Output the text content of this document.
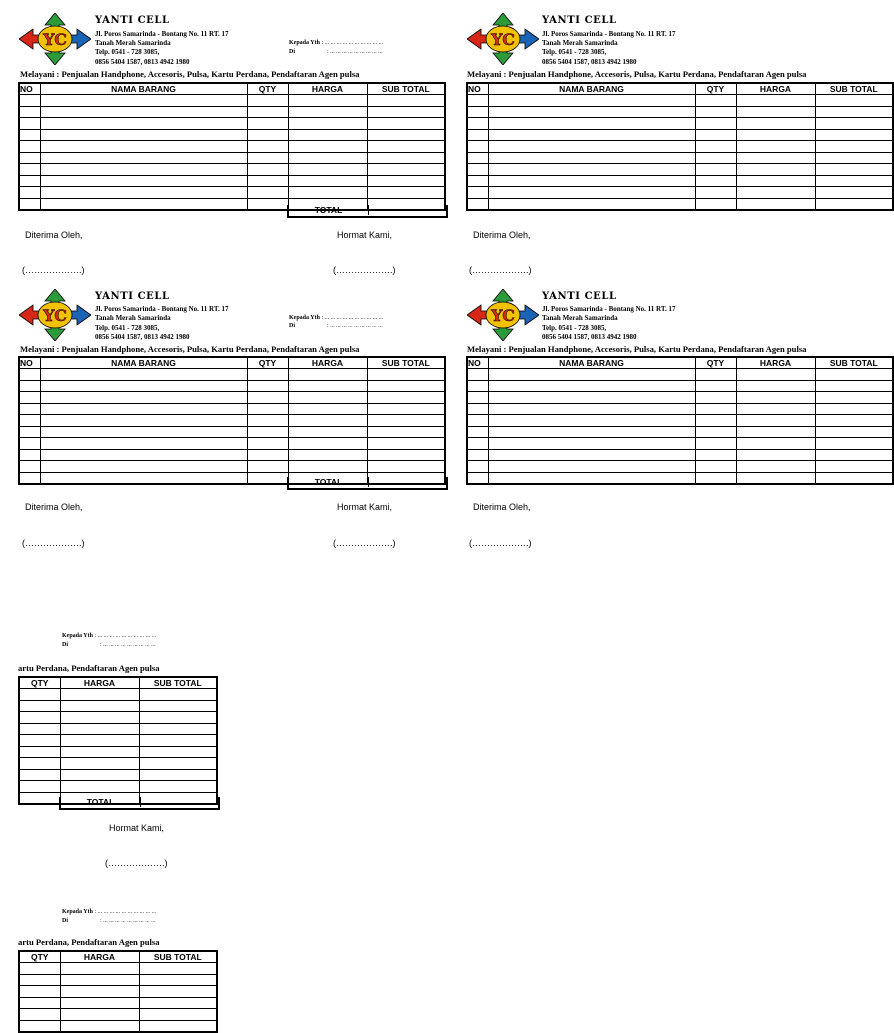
YANTI CELL
Jl. Poros Samarinda - Bontang No. 11 RT. 17
Tanah Merah Samarinda
Telp. 0541 - 728 3085,
0856 5404 1587, 0813 4942 1980
Kepada Yth : ... ... ... ... ... ... ... ... ... ...
Di	: ... ... ... ... ... ... ... ... ...
Melayani : Penjualan Handphone, Accesoris, Pulsa, Kartu Perdana, Pendaftaran Agen pulsa
NO	NAMA BARANG	QTY	HARGA	SUB TOTAL

TOTAL
Diterima Oleh,	Hormat Kami,
(……………….)	(……………….)
YANTI CELL
Jl. Poros Samarinda - Bontang No. 11 RT. 17
Tanah Merah Samarinda
Telp. 0541 - 728 3085,
0856 5404 1587, 0813 4942 1980
Melayani : Penjualan Handphone, Accesoris, Pulsa, Kartu Perdana, Pendaftaran Agen pulsa
NO	NAMA BARANG	QTY	HARGA	SUB TOTAL

Diterima Oleh,
(……………….)
YANTI CELL
Jl. Poros Samarinda - Bontang No. 11 RT. 17
Tanah Merah Samarinda
Telp. 0541 - 728 3085,
0856 5404 1587, 0813 4942 1980
Kepada Yth : ... ... ... ... ... ... ... ... ... ...
Di	: ... ... ... ... ... ... ... ... ...
Melayani : Penjualan Handphone, Accesoris, Pulsa, Kartu Perdana, Pendaftaran Agen pulsa
NO	NAMA BARANG	QTY	HARGA	SUB TOTAL

TOTAL
Diterima Oleh,	Hormat Kami,
(……………….)	(……………….)
YANTI CELL
Jl. Poros Samarinda - Bontang No. 11 RT. 17
Tanah Merah Samarinda
Telp. 0541 - 728 3085,
0856 5404 1587, 0813 4942 1980
Melayani : Penjualan Handphone, Accesoris, Pulsa, Kartu Perdana, Pendaftaran Agen pulsa
NO	NAMA BARANG	QTY	HARGA	SUB TOTAL

Diterima Oleh,
(……………….)
Kepada Yth : ... ... ... ... ... ... ... ... ... ...
Di	: ... ... ... ... ... ... ... ... ...
artu Perdana, Pendaftaran Agen pulsa
QTY	HARGA	SUB TOTAL

TOTAL
Hormat Kami,
(……………….)
Kepada Yth : ... ... ... ... ... ... ... ... ... ...
Di	: ... ... ... ... ... ... ... ... ...
artu Perdana, Pendaftaran Agen pulsa
QTY	HARGA	SUB TOTAL
